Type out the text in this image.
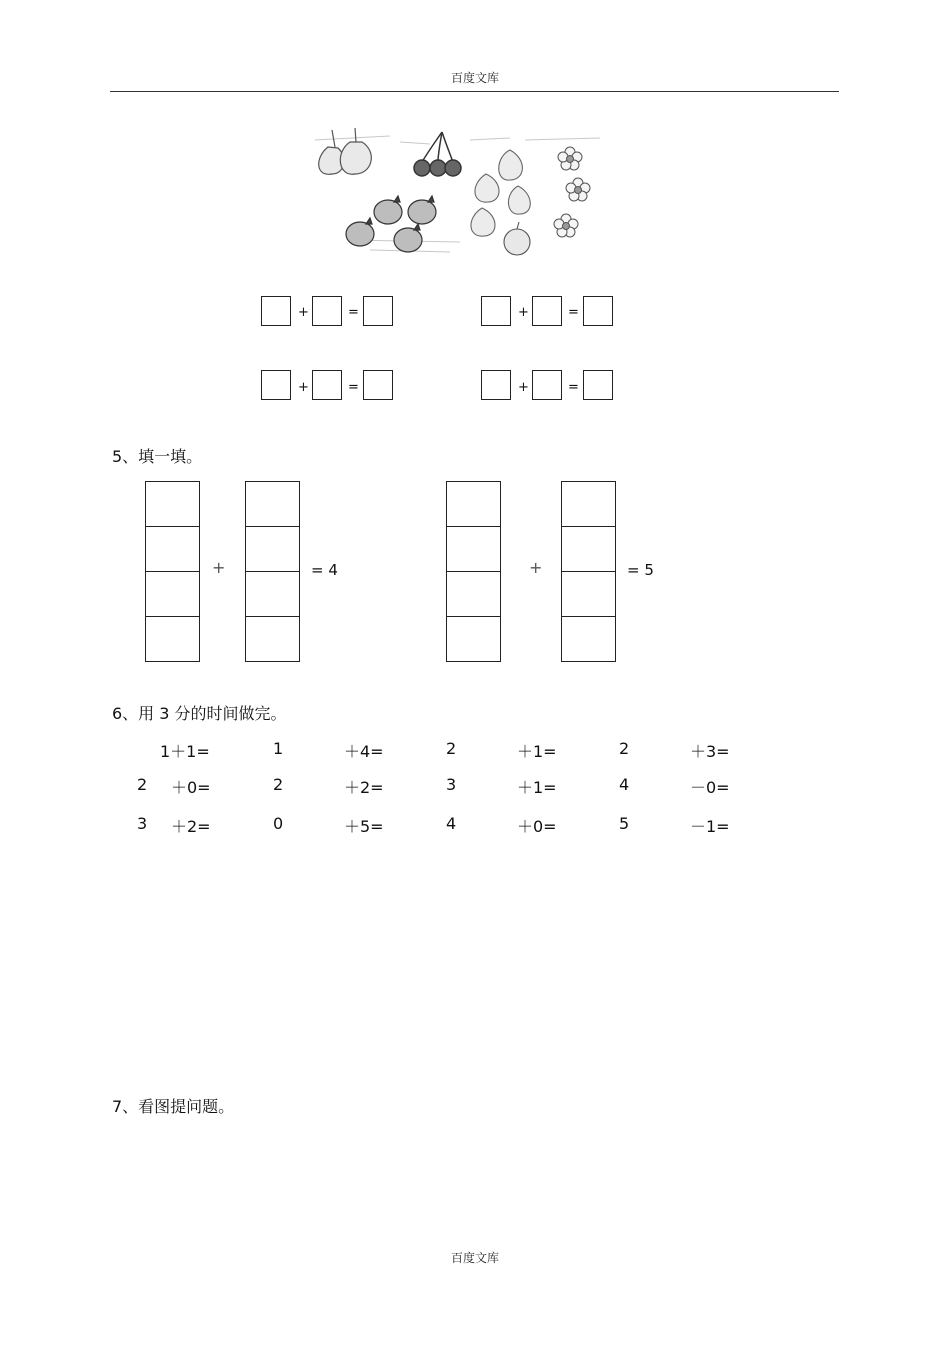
百度文库
+	=	+	=
+	=	+	=
5、填一填。
+	= 4	+	= 5
6、用 3 分的时间做完。
1＋1=	1	＋4=	2	＋1=	2	＋3=
2 ＋0=	2	＋2=	3	＋1=	4	－0=
3 ＋2=	0	＋5=	4	＋0=	5	－1=
7、看图提问题。
百度文库
